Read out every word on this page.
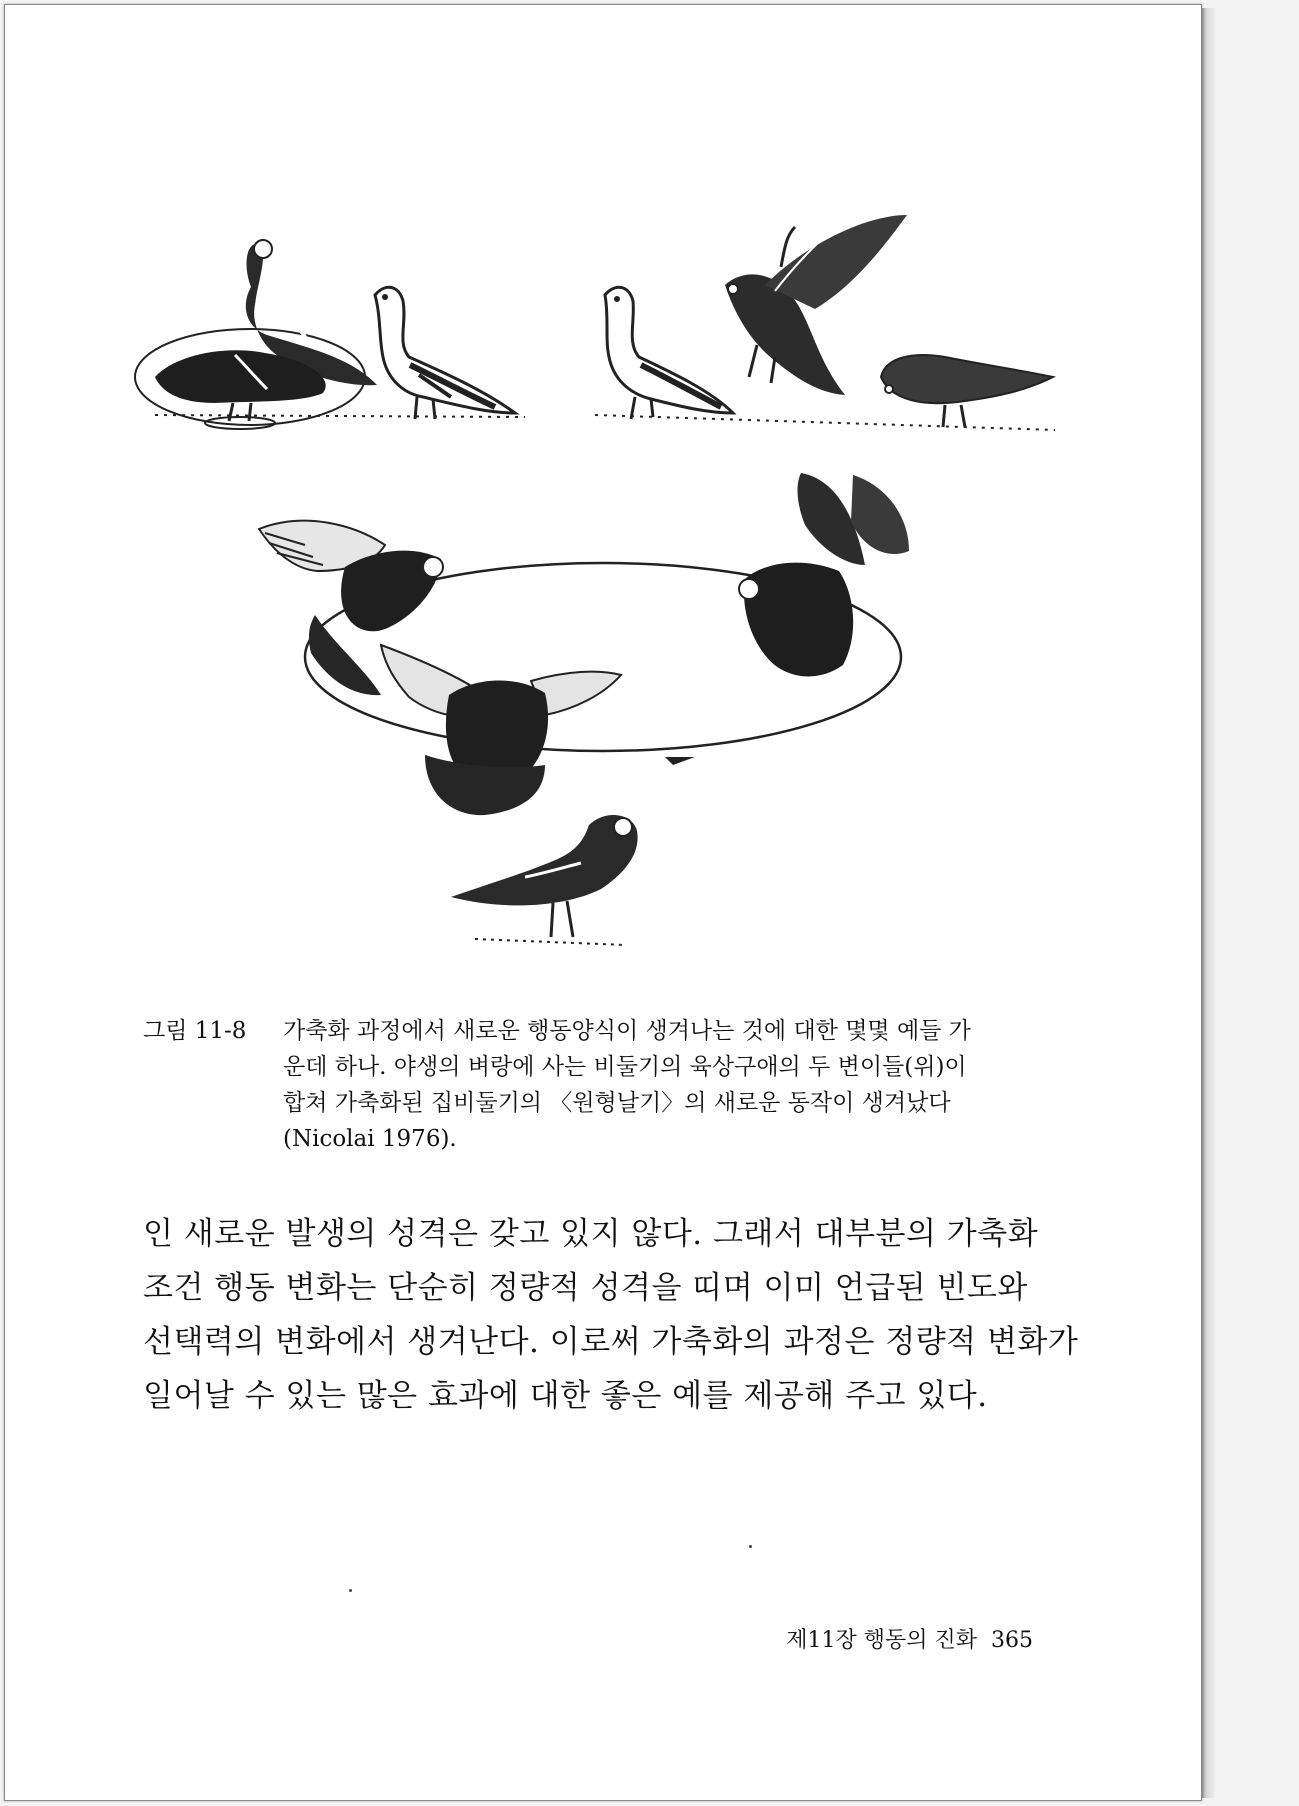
그림 11-8 가축화 과정에서 새로운 행동양식이 생겨나는 것에 대한 몇몇 예들 가
운데 하나. 야생의 벼랑에 사는 비둘기의 육상구애의 두 변이들(위)이
합쳐 가축화된 집비둘기의 〈원형날기〉의 새로운 동작이 생겨났다
(Nicolai 1976).
인 새로운 발생의 성격은 갖고 있지 않다. 그래서 대부분의 가축화
조건 행동 변화는 단순히 정량적 성격을 띠며 이미 언급된 빈도와
선택력의 변화에서 생겨난다. 이로써 가축화의 과정은 정량적 변화가
일어날 수 있는 많은 효과에 대한 좋은 예를 제공해 주고 있다.
제11장 행동의 진화 365
